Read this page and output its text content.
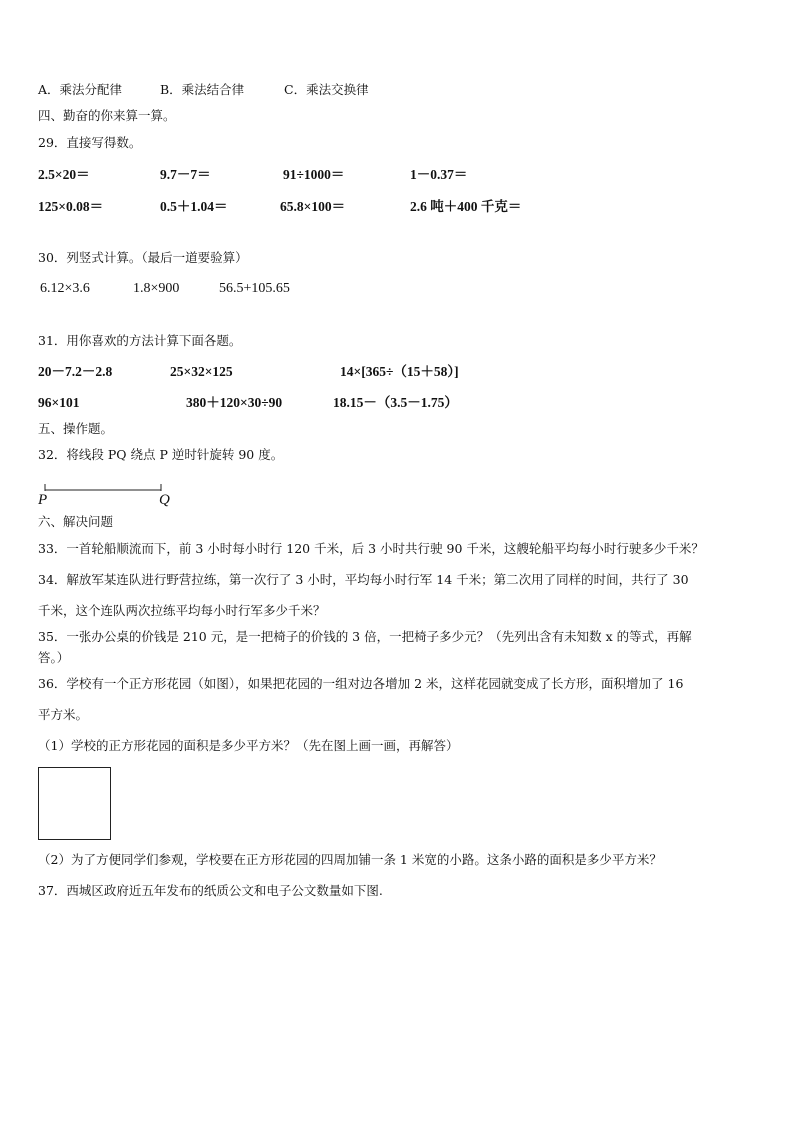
A．乘法分配律	B．乘法结合律	C．乘法交换律
四、勤奋的你来算一算。
29．直接写得数。
2.5×20＝	9.7－7＝	91÷1000＝	1－0.37＝
125×0.08＝	0.5＋1.04＝	65.8×100＝	2.6 吨＋400 千克＝
30．列竖式计算。（最后一道要验算）
6.12×3.6	1.8×900	56.5+105.65
31．用你喜欢的方法计算下面各题。
20－7.2－2.8	25×32×125	14×[365÷（15＋58）]
96×101	380＋120×30÷90	18.15－（3.5－1.75）
五、操作题。
32．将线段 PQ 绕点 P 逆时针旋转 90 度。
P	Q
六、解决问题
33．一首轮船顺流而下，前 3 小时每小时行 120 千米，后 3 小时共行驶 90 千米，这艘轮船平均每小时行驶多少千米？
34．解放军某连队进行野营拉练，第一次行了 3 小时，平均每小时行军 14 千米；第二次用了同样的时间，共行了 30
千米，这个连队两次拉练平均每小时行军多少千米？
35．一张办公桌的价钱是 210 元，是一把椅子的价钱的 3 倍，一把椅子多少元？（先列出含有未知数 x 的等式，再解
答。）
36．学校有一个正方形花园（如图），如果把花园的一组对边各增加 2 米，这样花园就变成了长方形，面积增加了 16
平方米。
（1）学校的正方形花园的面积是多少平方米？（先在图上画一画，再解答）
（2）为了方便同学们参观，学校要在正方形花园的四周加铺一条 1 米宽的小路。这条小路的面积是多少平方米？
37．西城区政府近五年发布的纸质公文和电子公文数量如下图.
